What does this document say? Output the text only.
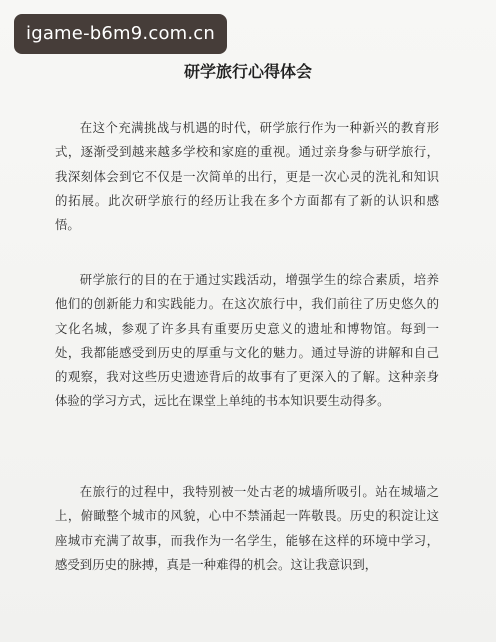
igame-b6m9.com.cn
研学旅行心得体会

在这个充满挑战与机遇的时代，研学旅行作为一种新兴的教育形式，逐渐受到越来越多学校和家庭的重视。通过亲身参与研学旅行，我深刻体会到它不仅是一次简单的出行，更是一次心灵的洗礼和知识的拓展。此次研学旅行的经历让我在多个方面都有了新的认识和感悟。

研学旅行的目的在于通过实践活动，增强学生的综合素质，培养他们的创新能力和实践能力。在这次旅行中，我们前往了历史悠久的文化名城，参观了许多具有重要历史意义的遗址和博物馆。每到一处，我都能感受到历史的厚重与文化的魅力。通过导游的讲解和自己的观察，我对这些历史遗迹背后的故事有了更深入的了解。这种亲身体验的学习方式，远比在课堂上单纯的书本知识要生动得多。

在旅行的过程中，我特别被一处古老的城墙所吸引。站在城墙之上，俯瞰整个城市的风貌，心中不禁涌起一阵敬畏。历史的积淀让这座城市充满了故事，而我作为一名学生，能够在这样的环境中学习，感受到历史的脉搏，真是一种难得的机会。这让我意识到，
